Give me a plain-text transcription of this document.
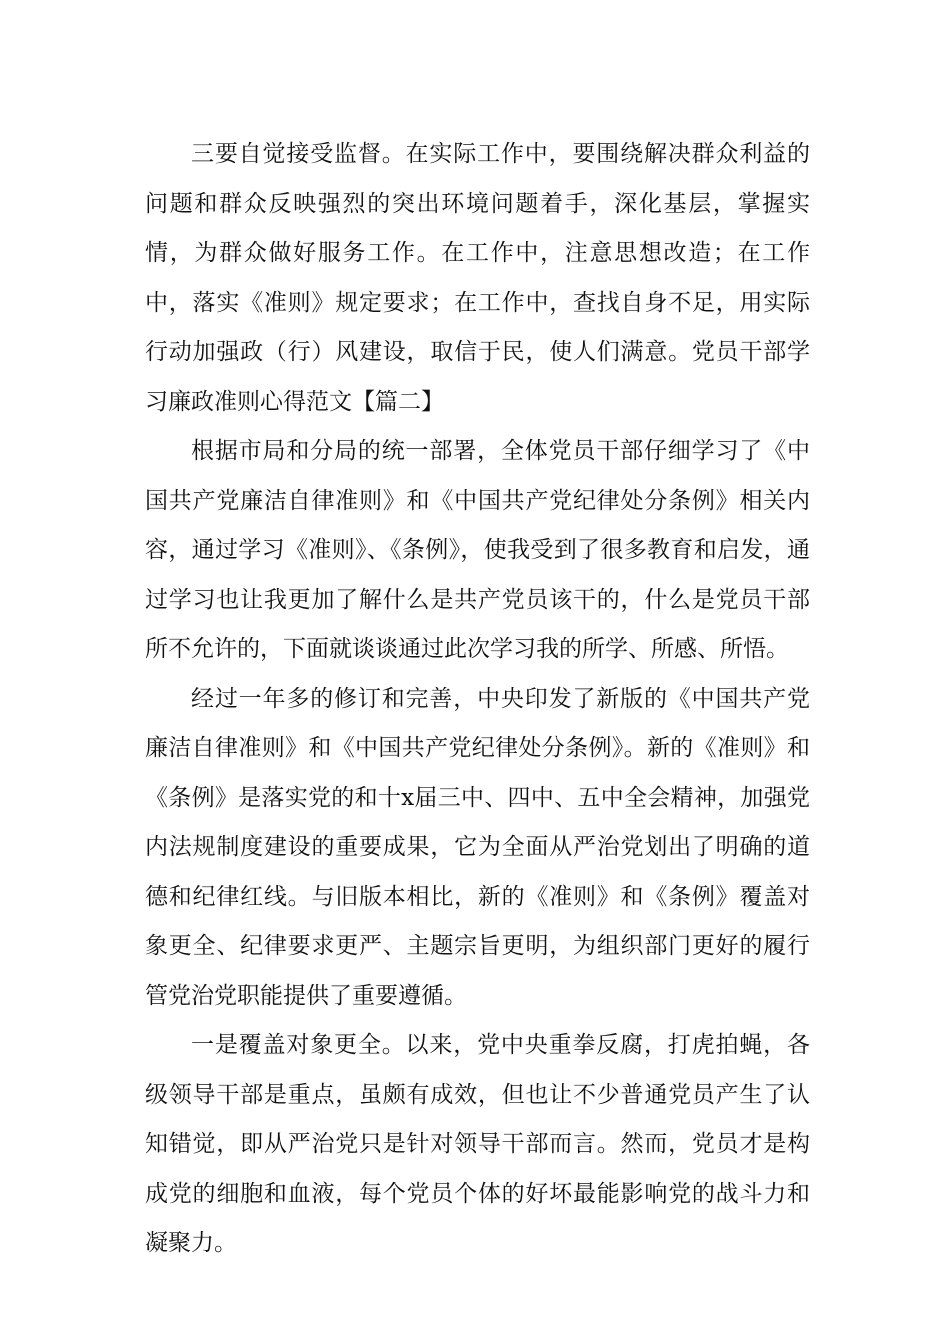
三要自觉接受监督。在实际工作中，要围绕解决群众利益的问题和群众反映强烈的突出环境问题着手，深化基层，掌握实情，为群众做好服务工作。在工作中，注意思想改造；在工作中，落实《准则》规定要求；在工作中，查找自身不足，用实际行动加强政（行）风建设，取信于民，使人们满意。党员干部学习廉政准则心得范文【篇二】

根据市局和分局的统一部署，全体党员干部仔细学习了《中国共产党廉洁自律准则》和《中国共产党纪律处分条例》相关内容，通过学习《准则》、《条例》，使我受到了很多教育和启发，通过学习也让我更加了解什么是共产党员该干的，什么是党员干部所不允许的，下面就谈谈通过此次学习我的所学、所感、所悟。

经过一年多的修订和完善，中央印发了新版的《中国共产党廉洁自律准则》和《中国共产党纪律处分条例》。新的《准则》和《条例》是落实党的和十x届三中、四中、五中全会精神，加强党内法规制度建设的重要成果，它为全面从严治党划出了明确的道德和纪律红线。与旧版本相比，新的《准则》和《条例》覆盖对象更全、纪律要求更严、主题宗旨更明，为组织部门更好的履行管党治党职能提供了重要遵循。

一是覆盖对象更全。以来，党中央重拳反腐，打虎拍蝇，各级领导干部是重点，虽颇有成效，但也让不少普通党员产生了认知错觉，即从严治党只是针对领导干部而言。然而，党员才是构成党的细胞和血液，每个党员个体的好坏最能影响党的战斗力和凝聚力。
